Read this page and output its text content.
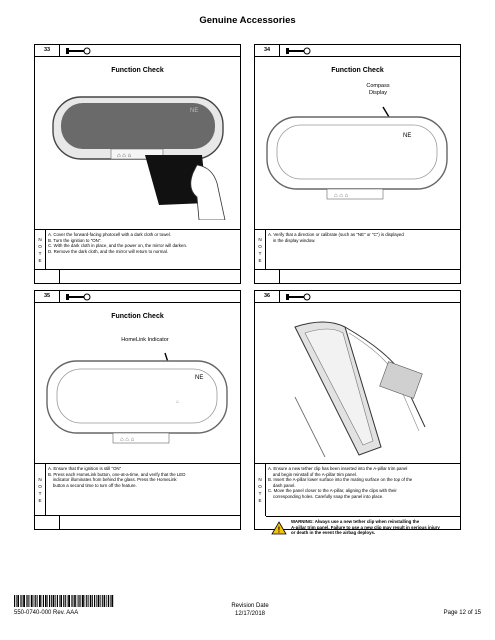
Genuine Accessories
33
Function Check
⌂ ⌂ ⌂
NE
N
O
T
E
A. Cover the forward-facing photocell with a dark cloth or towel.
B. Turn the ignition to "ON".
C. With the dark cloth in place, and the power on, the mirror will darken.
D. Remove the dark cloth, and the mirror will return to normal.
34
Function Check
Compass
Display
⌂ ⌂ ⌂
NE
N
O
T
E
A. Verify that a direction or calibrate (such as "NE" or "C") is displayed
in the display window.
35
Function Check
HomeLink Indicator
⌂ ⌂ ⌂
NE
⌂
N
O
T
E
A. Ensure that the ignition is still "ON"
B. Press each HomeLink button, one-at-a-time, and verify that the LED
indicator illuminates from behind the glass. Press the HomeLink
button a second time to turn off the feature.
36
N
O
T
E
A. Ensure a new tether clip has been inserted into the A-pillar trim panel
and begin reinstall of the A-pillar trim panel.
B. Insert the A-pillar lower surface into the mating surface on the top of the
dash panel.
C. Move the panel closer to the A-pillar, aligning the clips with their
corresponding holes. Carefully snap the panel into place.
!
WARNING: Always use a new tether clip when reinstalling the
A-pillar trim panel. Failure to use a new clip may result in serious injury
or death in the event the airbag deploys.
550-0740-000 Rev. AAA
Revision Date
12/17/2018	Page 12 of 15
